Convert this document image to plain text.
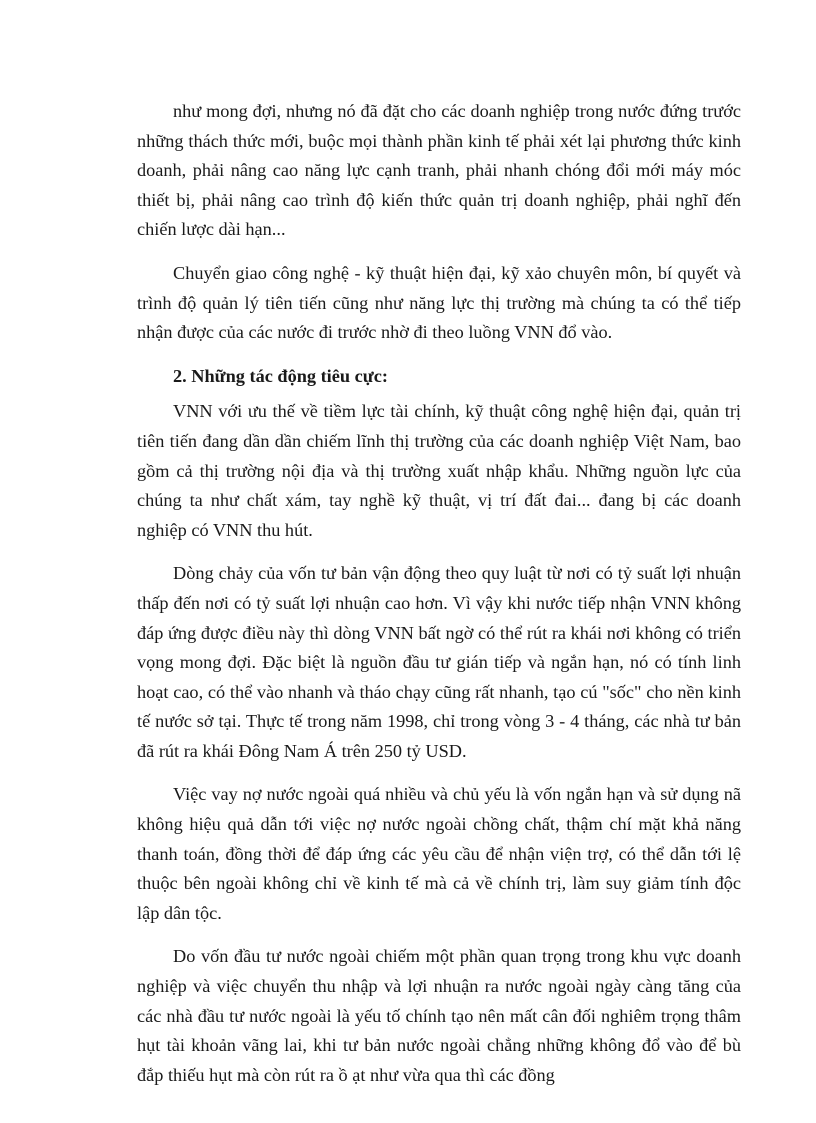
như mong đợi, nhưng nó đã đặt cho các doanh nghiệp trong nước đứng trước những thách thức mới, buộc mọi thành phần kinh tế phải xét lại phương thức kinh doanh, phải nâng cao năng lực cạnh tranh, phải nhanh chóng đổi mới máy móc thiết bị, phải nâng cao trình độ kiến thức quản trị doanh nghiệp, phải nghĩ đến chiến lược dài hạn...

Chuyển giao công nghệ - kỹ thuật hiện đại, kỹ xảo chuyên môn, bí quyết và trình độ quản lý tiên tiến cũng như năng lực thị trường mà chúng ta có thể tiếp nhận được của các nước đi trước nhờ đi theo luồng VNN đổ vào.

2. Những tác động tiêu cực:

VNN với ưu thế về tiềm lực tài chính, kỹ thuật công nghệ hiện đại, quản trị tiên tiến đang dần dần chiếm lĩnh thị trường của các doanh nghiệp Việt Nam, bao gồm cả thị trường nội địa và thị trường xuất nhập khẩu. Những nguồn lực của chúng ta như chất xám, tay nghề kỹ thuật, vị trí đất đai... đang bị các doanh nghiệp có VNN thu hút.

Dòng chảy của vốn tư bản vận động theo quy luật từ nơi có tỷ suất lợi nhuận thấp đến nơi có tỷ suất lợi nhuận cao hơn. Vì vậy khi nước tiếp nhận VNN không đáp ứng được điều này thì dòng VNN bất ngờ có thể rút ra khái nơi không có triển vọng mong đợi. Đặc biệt là nguồn đầu tư gián tiếp và ngắn hạn, nó có tính linh hoạt cao, có thể vào nhanh và tháo chạy cũng rất nhanh, tạo cú "sốc" cho nền kinh tế nước sở tại. Thực tế trong năm 1998, chỉ trong vòng 3 - 4 tháng, các nhà tư bản đã rút ra khái Đông Nam Á trên 250 tỷ USD.

Việc vay nợ nước ngoài quá nhiều và chủ yếu là vốn ngắn hạn và sử dụng nã không hiệu quả dẫn tới việc nợ nước ngoài chồng chất, thậm chí mặt khả năng thanh toán, đồng thời để đáp ứng các yêu cầu để nhận viện trợ, có thể dẫn tới lệ thuộc bên ngoài không chỉ về kinh tế mà cả về chính trị, làm suy giảm tính độc lập dân tộc.

Do vốn đầu tư nước ngoài chiếm một phần quan trọng trong khu vực doanh nghiệp và việc chuyển thu nhập và lợi nhuận ra nước ngoài ngày càng tăng của các nhà đầu tư nước ngoài là yếu tố chính tạo nên mất cân đối nghiêm trọng thâm hụt tài khoản vãng lai, khi tư bản nước ngoài chẳng những không đổ vào để bù đắp thiếu hụt mà còn rút ra ồ ạt như vừa qua thì các đồng
